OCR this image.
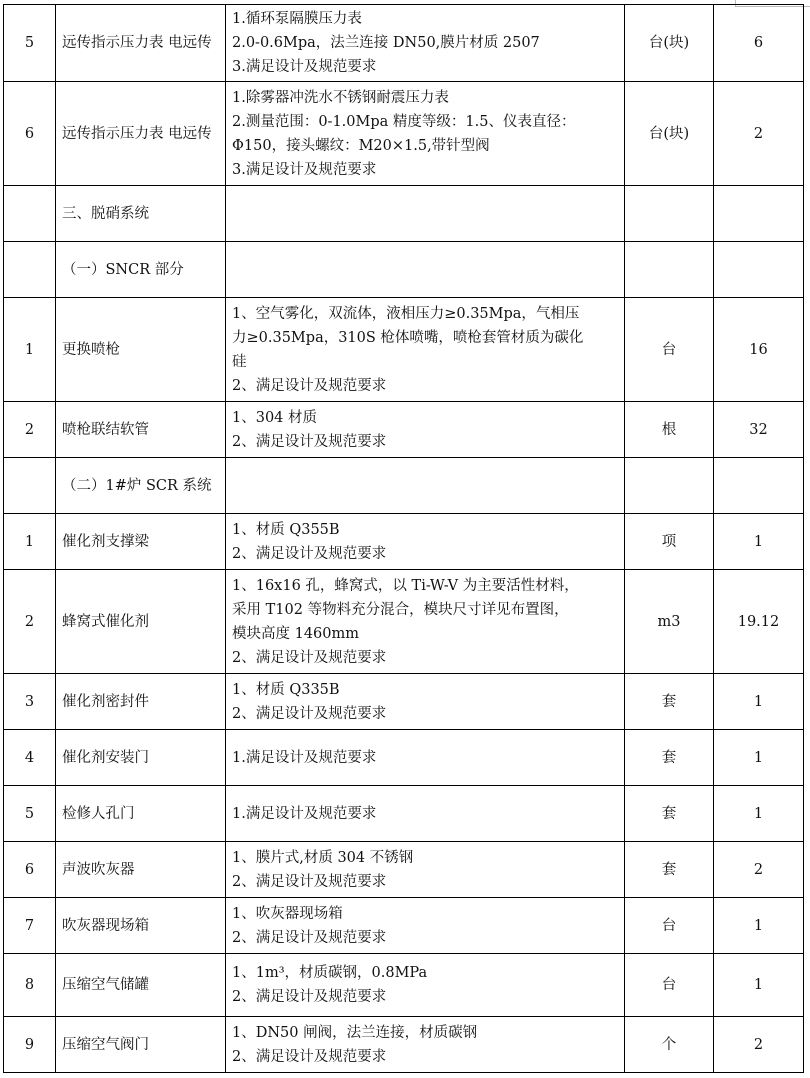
5	远传指示压力表 电远传	1.循环泵隔膜压力表
2.0-0.6Mpa，法兰连接 DN50,膜片材质 2507
3.满足设计及规范要求	台(块)	6
6	远传指示压力表 电远传	1.除雾器冲洗水不锈钢耐震压力表
2.测量范围：0-1.0Mpa 精度等级：1.5、仪表直径：
Φ150，接头螺纹：M20×1.5,带针型阀
3.满足设计及规范要求	台(块)	2
	三、脱硝系统			
	（一）SNCR 部分			
1	更换喷枪	1、空气雾化，双流体，液相压力≥0.35Mpa，气相压
力≥0.35Mpa，310S 枪体喷嘴，喷枪套管材质为碳化
硅
2、满足设计及规范要求	台	16
2	喷枪联结软管	1、304 材质
2、满足设计及规范要求	根	32
	（二）1#炉 SCR 系统			
1	催化剂支撑梁	1、材质 Q355B
2、满足设计及规范要求	项	1
2	蜂窝式催化剂	1、16x16 孔，蜂窝式，以 Ti-W-V 为主要活性材料，
采用 T102 等物料充分混合，模块尺寸详见布置图，
模块高度 1460mm
2、满足设计及规范要求	m3	19.12
3	催化剂密封件	1、材质 Q335B
2、满足设计及规范要求	套	1
4	催化剂安装门	1.满足设计及规范要求	套	1
5	检修人孔门	1.满足设计及规范要求	套	1
6	声波吹灰器	1、膜片式,材质 304 不锈钢
2、满足设计及规范要求	套	2
7	吹灰器现场箱	1、吹灰器现场箱
2、满足设计及规范要求	台	1
8	压缩空气储罐	1、1m³，材质碳钢，0.8MPa
2、满足设计及规范要求	台	1
9	压缩空气阀门	1、DN50 闸阀，法兰连接，材质碳钢
2、满足设计及规范要求	个	2
